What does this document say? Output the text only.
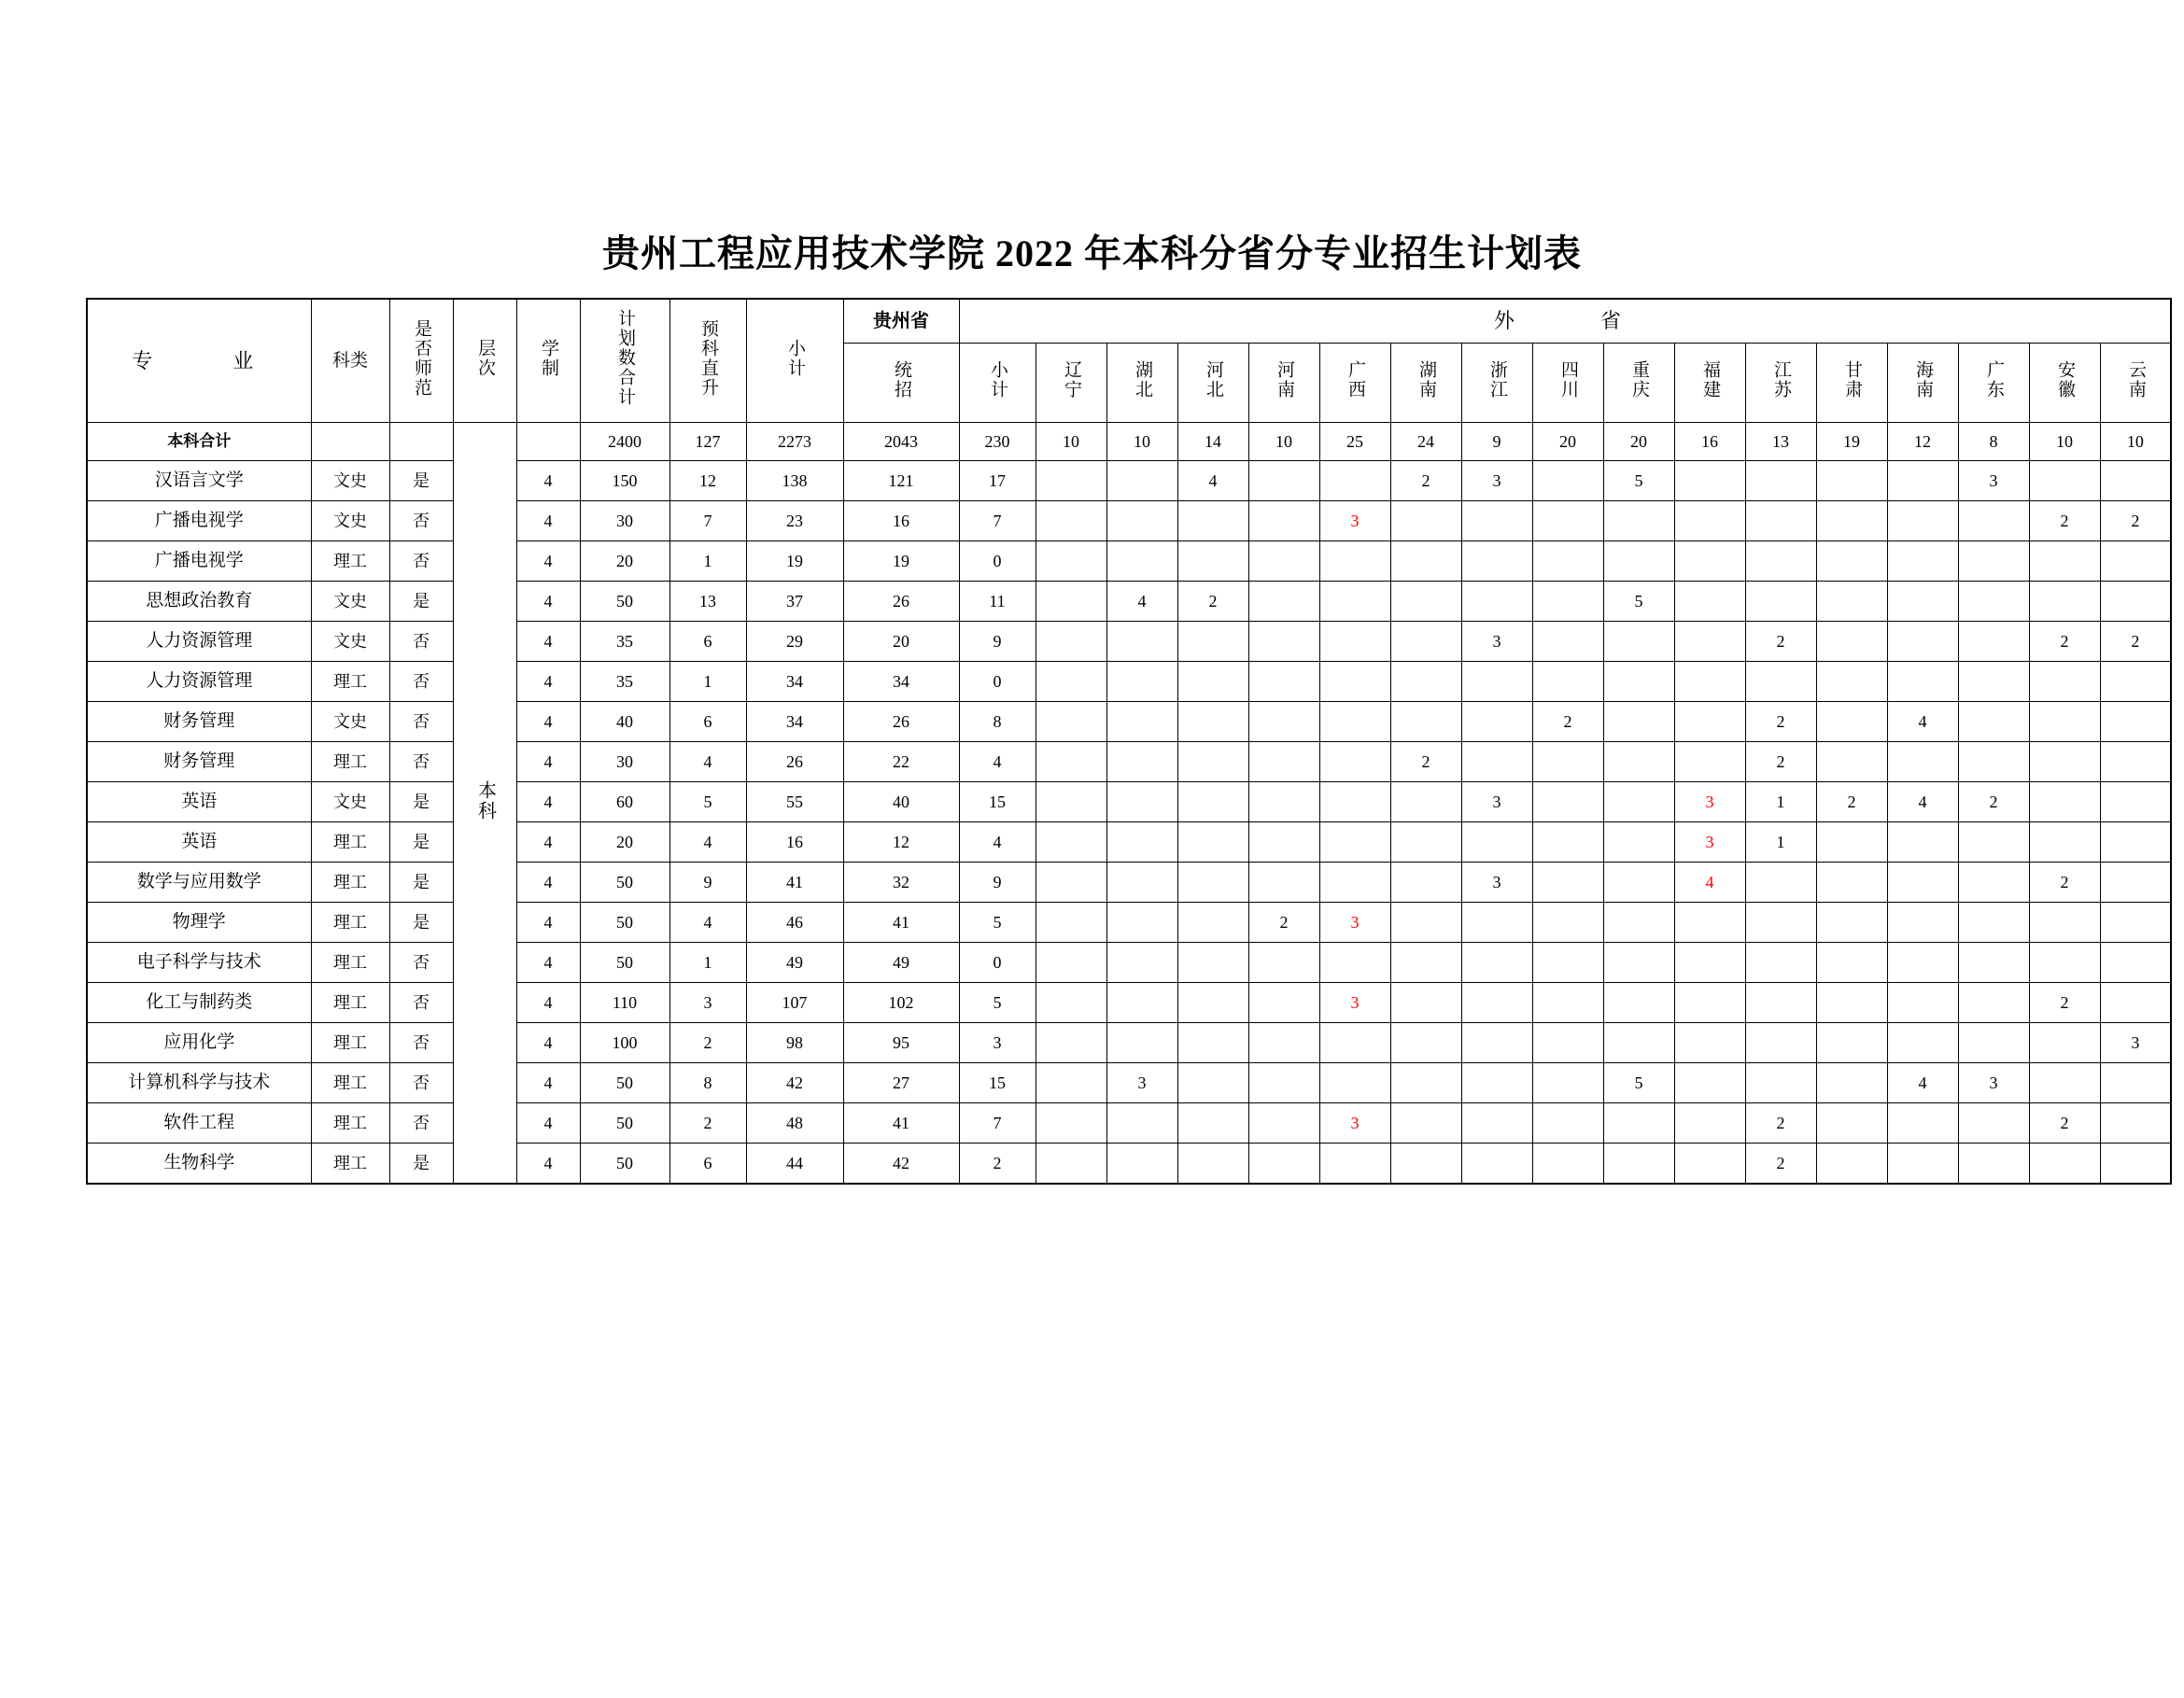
贵州工程应用技术学院 2022 年本科分省分专业招生计划表
专　　业	科类	是否师范	层次	学制	计划数合计	预科直升	小计	贵州省	外　　省																
								统招	小计	辽宁	湖北	河北	河南	广西	湖南	浙江	四川	重庆	福建	江苏	甘肃	海南	广东	安徽	云南
本科合计			本科		2400	127	2273	2043	230	10	10	14	10	25	24	9	20	20	16	13	19	12	8	10	10
汉语言文学	文史	是		4	150	12	138	121	17			4			2	3		5					3		
广播电视学	文史	否		4	30	7	23	16	7					3										2	2
广播电视学	理工	否		4	20	1	19	19	0																
思想政治教育	文史	是		4	50	13	37	26	11		4	2						5							
人力资源管理	文史	否		4	35	6	29	20	9							3				2				2	2
人力资源管理	理工	否		4	35	1	34	34	0																
财务管理	文史	否		4	40	6	34	26	8								2			2		4			
财务管理	理工	否		4	30	4	26	22	4						2					2					
英语	文史	是		4	60	5	55	40	15							3			3	1	2	4	2		
英语	理工	是		4	20	4	16	12	4										3	1					
数学与应用数学	理工	是		4	50	9	41	32	9							3			4					2	
物理学	理工	是		4	50	4	46	41	5				2	3											
电子科学与技术	理工	否		4	50	1	49	49	0																
化工与制药类	理工	否		4	110	3	107	102	5					3										2	
应用化学	理工	否		4	100	2	98	95	3																3
计算机科学与技术	理工	否		4	50	8	42	27	15		3							5				4	3		
软件工程	理工	否		4	50	2	48	41	7					3						2				2	
生物科学	理工	是		4	50	6	44	42	2											2					
